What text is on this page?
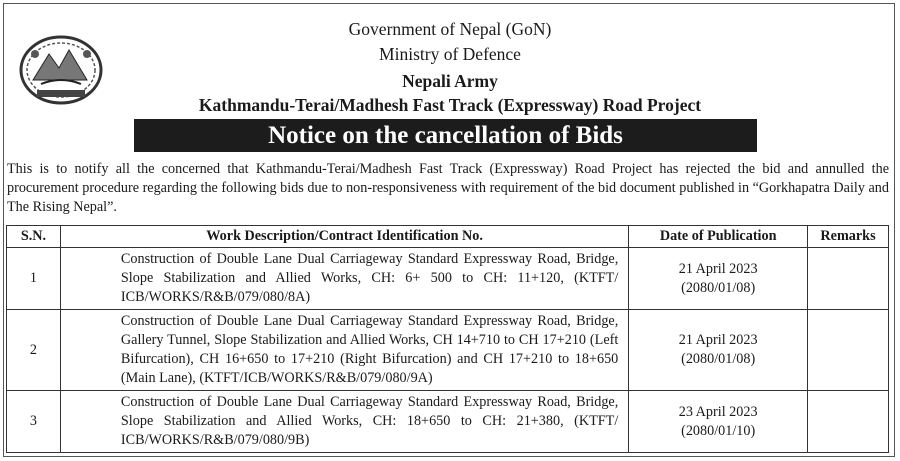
Government of Nepal (GoN)
Ministry of Defence
Nepali Army
Kathmandu-Terai/Madhesh Fast Track (Expressway) Road Project
Notice on the cancellation of Bids
This is to notify all the concerned that Kathmandu-Terai/Madhesh Fast Track (Expressway) Road Project has rejected the bid and annulled the procurement procedure regarding the following bids due to non-responsiveness with requirement of the bid document published in “Gorkhapatra Daily and The Rising Nepal”.
S.N.	Work Description/Contract Identification No.	Date of Publication	Remarks
1	Construction of Double Lane Dual Carriageway Standard Expressway Road, Bridge, Slope Stabilization and Allied Works, CH: 6+ 500 to CH: 11+120, (KTFT/ ICB/WORKS/R&B/079/080/8A)	21 April 2023
(2080/01/08)	
2	Construction of Double Lane Dual Carriageway Standard Expressway Road, Bridge, Gallery Tunnel, Slope Stabilization and Allied Works, CH 14+710 to CH 17+210 (Left Bifurcation), CH 16+650 to 17+210 (Right Bifurcation) and CH 17+210 to 18+650 (Main Lane), (KTFT/ICB/WORKS/R&B/079/080/9A)	21 April 2023
(2080/01/08)	
3	Construction of Double Lane Dual Carriageway Standard Expressway Road, Bridge, Slope Stabilization and Allied Works, CH: 18+650 to CH: 21+380, (KTFT/ ICB/WORKS/R&B/079/080/9B)	23 April 2023
(2080/01/10)	
